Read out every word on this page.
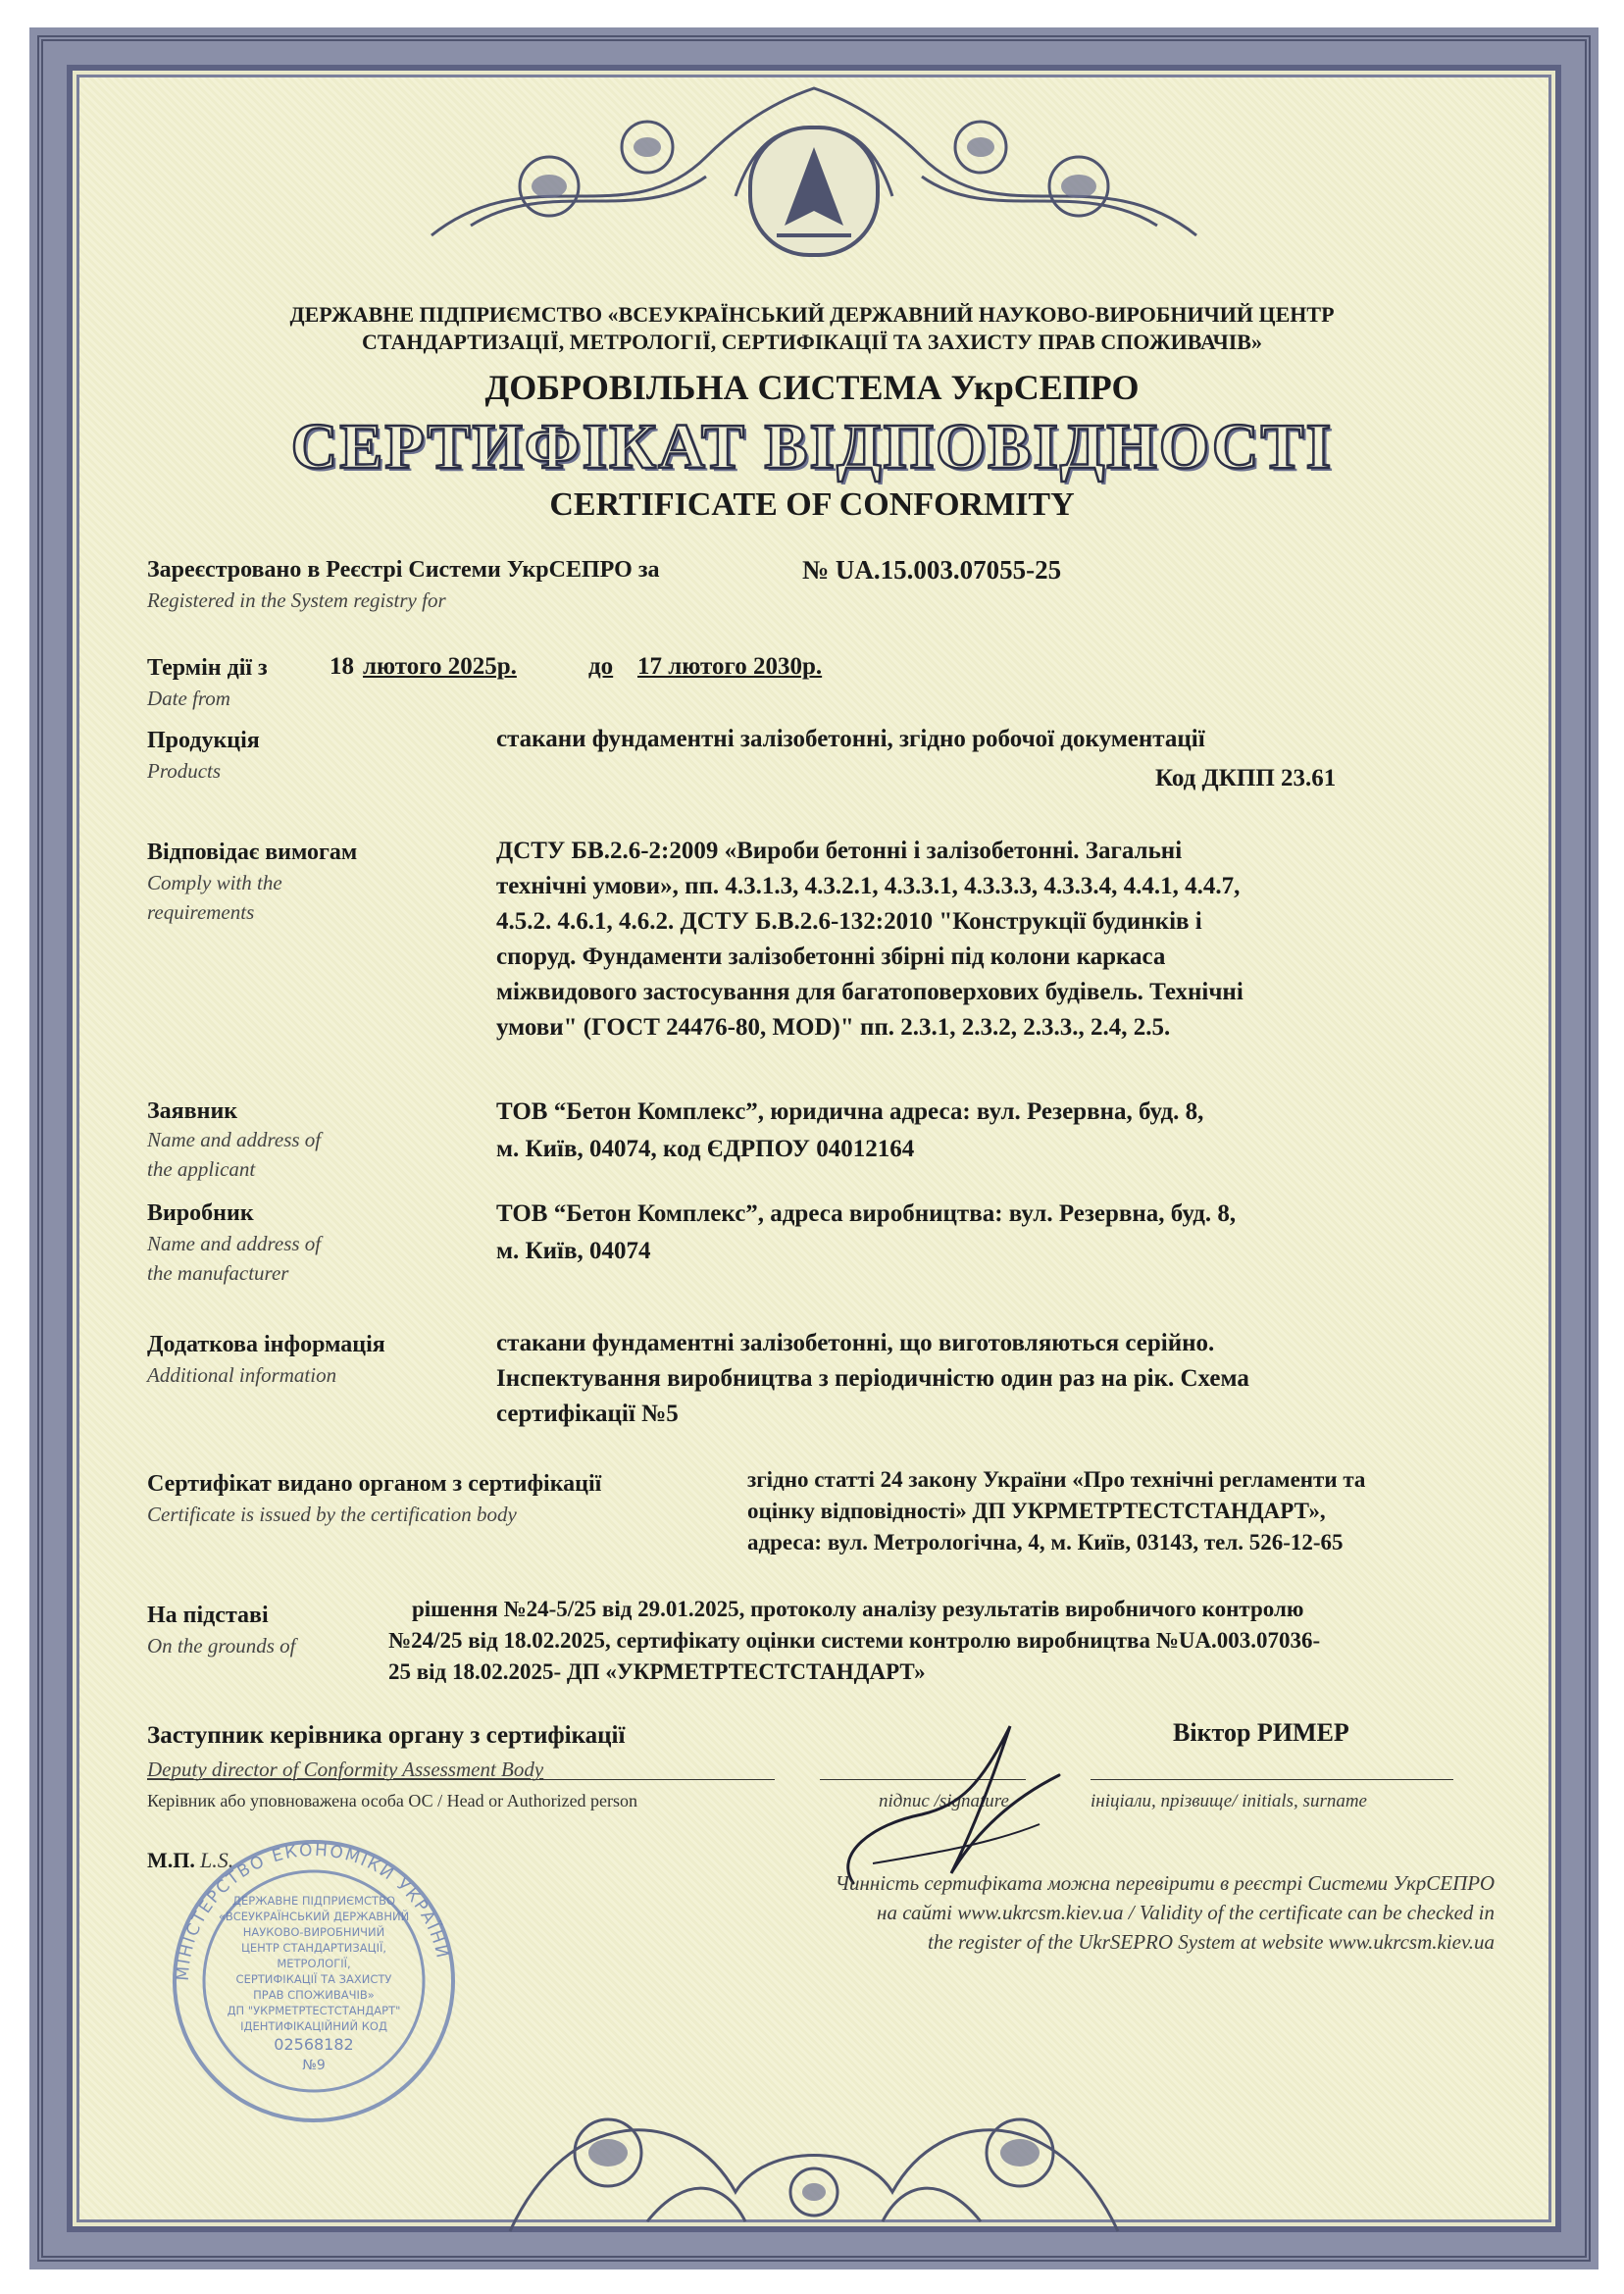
ДЕРЖАВНЕ ПІДПРИЄМСТВО «ВСЕУКРАЇНСЬКИЙ ДЕРЖАВНИЙ НАУКОВО-ВИРОБНИЧИЙ ЦЕНТР
СТАНДАРТИЗАЦІЇ, МЕТРОЛОГІЇ, СЕРТИФІКАЦІЇ ТА ЗАХИСТУ ПРАВ СПОЖИВАЧІВ»
ДОБРОВІЛЬНА СИСТЕМА УкрСЕПРО
СЕРТИФІКАТ ВІДПОВІДНОСТІ
CERTIFICATE OF CONFORMITY
Зареєстровано в Реєстрі Системи УкрСЕПРО за	№ UA.15.003.07055-25
Registered in the System registry for
Термін дії з	18 лютого 2025р.	до 17 лютого 2030р.
Date from
Продукція
Products
стакани фундаментні залізобетонні, згідно робочої документації
Код ДКПП 23.61
Відповідає вимогам
Comply with the
requirements
ДСТУ БВ.2.6-2:2009 «Вироби бетонні і залізобетонні. Загальні
технічні умови», пп. 4.3.1.3, 4.3.2.1, 4.3.3.1, 4.3.3.3, 4.3.3.4, 4.4.1, 4.4.7,
4.5.2. 4.6.1, 4.6.2. ДСТУ Б.В.2.6-132:2010 "Конструкції будинків і
споруд. Фундаменти залізобетонні збірні під колони каркаса
міжвидового застосування для багатоповерхових будівель. Технічні
умови" (ГОСТ 24476-80, MOD)" пп. 2.3.1, 2.3.2, 2.3.3., 2.4, 2.5.
Заявник
Name and address of
the applicant
ТОВ “Бетон Комплекс”, юридична адреса: вул. Резервна, буд. 8,
м. Київ, 04074, код ЄДРПОУ 04012164
Виробник
Name and address of
the manufacturer
ТОВ “Бетон Комплекс”, адреса виробництва: вул. Резервна, буд. 8,
м. Київ, 04074
Додаткова інформація
Additional information
стакани фундаментні залізобетонні, що виготовляються серійно.
Інспектування виробництва з періодичністю один раз на рік. Схема
сертифікації №5
Сертифікат видано органом з сертифікації
Certificate is issued by the certification body
згідно статті 24 закону України «Про технічні регламенти та
оцінку відповідності» ДП УКРМЕТРТЕСТСТАНДАРТ»,
адреса: вул. Метрологічна, 4, м. Київ, 03143, тел. 526-12-65
На підставі
On the grounds of
рішення №24-5/25 від 29.01.2025, протоколу аналізу результатів виробничого контролю
№24/25 від 18.02.2025, сертифікату оцінки системи контролю виробництва №UA.003.07036-
25 від 18.02.2025- ДП «УКРМЕТРТЕСТСТАНДАРТ»
Заступник керівника органу з сертифікації
Deputy director of Conformity Assessment Body
Віктор РИМЕР
Керівник або уповноважена особа ОС / Head or Authorized person	підпис /signature	ініціали, прізвище/ initials, surname
М.П. L.S.
МІНІСТЕРСТВО ЕКОНОМІКИ УКРАЇНИ
ДЕРЖАВНЕ ПІДПРИЄМСТВО
«ВСЕУКРАЇНСЬКИЙ ДЕРЖАВНИЙ
НАУКОВО-ВИРОБНИЧИЙ
ЦЕНТР СТАНДАРТИЗАЦІЇ,
МЕТРОЛОГІЇ,
СЕРТИФІКАЦІЇ ТА ЗАХИСТУ
ПРАВ СПОЖИВАЧІВ»
ДП "УКРМЕТРТЕСТСТАНДАРТ"
ІДЕНТИФІКАЦІЙНИЙ КОД
02568182
№9
Чинність сертифіката можна перевірити в реєстрі Системи УкрСЕПРО
на сайті www.ukrcsm.kiev.ua / Validity of the certificate can be checked in
the register of the UkrSEPRO System at website www.ukrcsm.kiev.ua
